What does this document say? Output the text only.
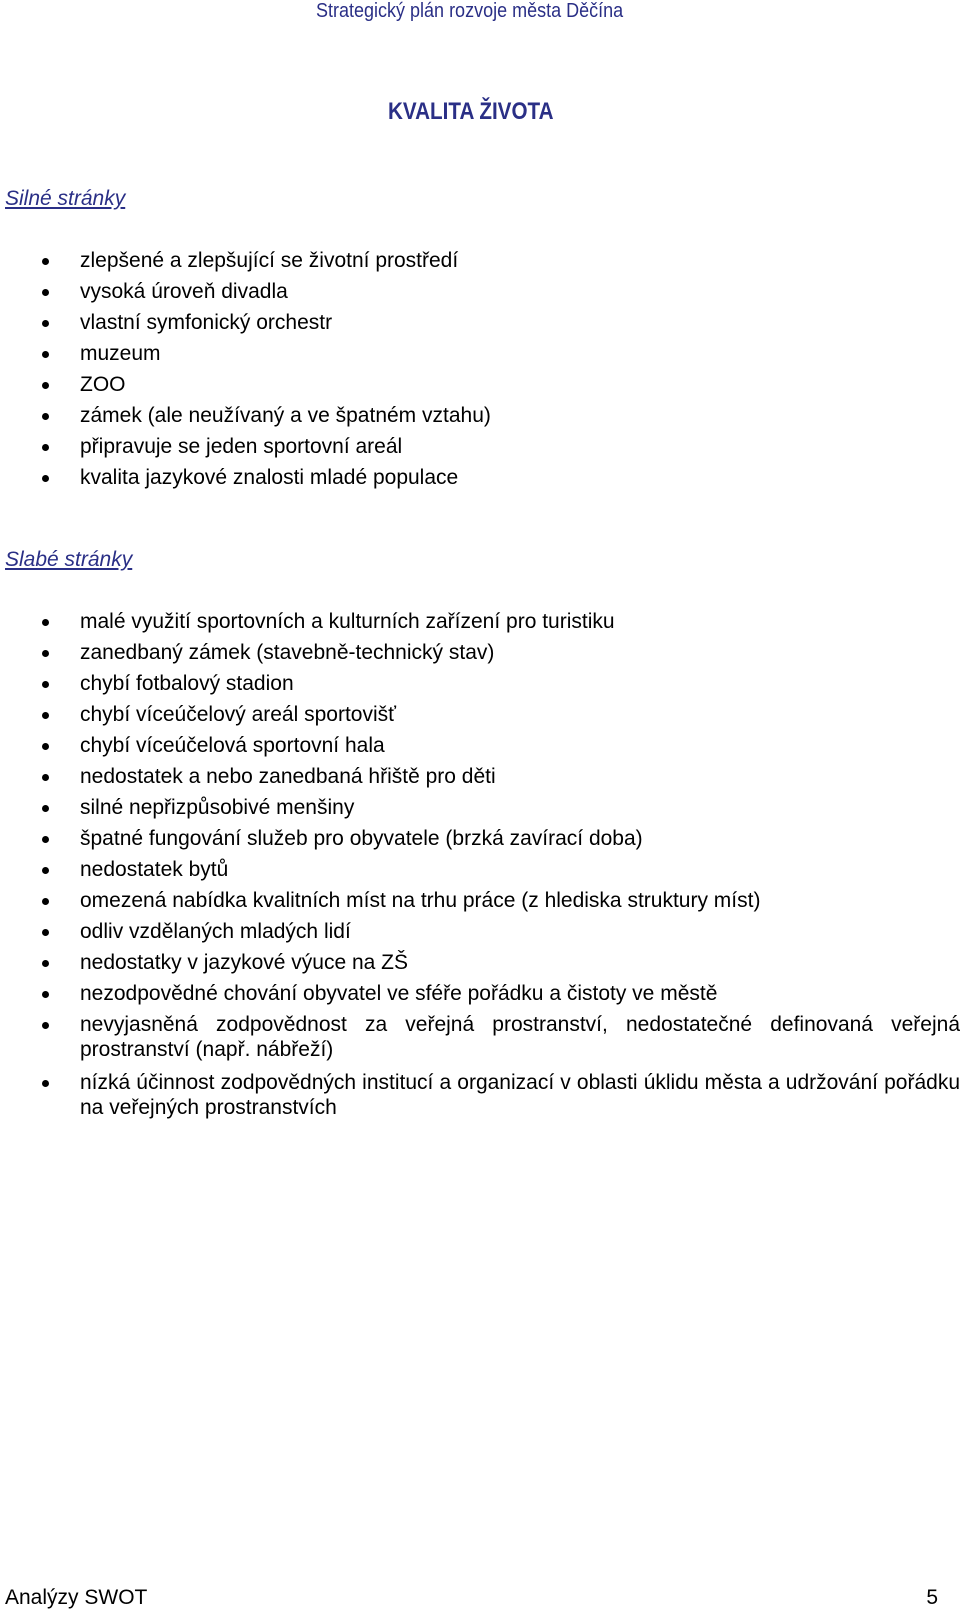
Strategický plán rozvoje města Děčína
KVALITA ŽIVOTA
Silné stránky
zlepšené a zlepšující se životní prostředí
vysoká úroveň divadla
vlastní symfonický orchestr
muzeum
ZOO
zámek (ale neužívaný a ve špatném vztahu)
připravuje se jeden sportovní areál
kvalita jazykové znalosti mladé populace
Slabé stránky
malé využití sportovních a kulturních zařízení pro turistiku
zanedbaný zámek (stavebně-technický stav)
chybí fotbalový stadion
chybí víceúčelový areál sportovišť
chybí víceúčelová sportovní hala
nedostatek a nebo zanedbaná hřiště pro děti
silné nepřizpůsobivé menšiny
špatné fungování služeb pro obyvatele (brzká zavírací doba)
nedostatek bytů
omezená nabídka kvalitních míst na trhu práce (z hlediska struktury míst)
odliv vzdělaných mladých lidí
nedostatky v jazykové výuce na ZŠ
nezodpovědné chování obyvatel ve sféře pořádku a čistoty ve městě
nevyjasněná zodpovědnost za veřejná prostranství, nedostatečné definovaná veřejná prostranství (např. nábřeží)
nízká účinnost zodpovědných institucí a organizací v oblasti úklidu města a udržování pořádku na veřejných prostranstvích
Analýzy SWOT	5
